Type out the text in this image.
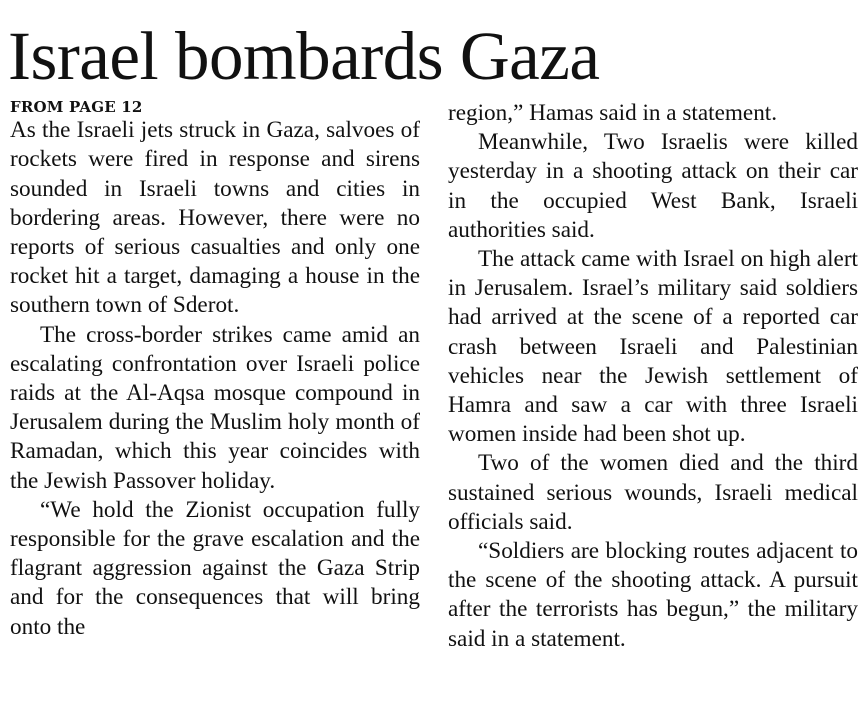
Israel bombards Gaza
FROM PAGE 12

As the Israeli jets struck in Gaza, salvoes of rockets were fired in response and sirens sounded in Israeli towns and cities in bordering areas. However, there were no reports of serious casualties and only one rocket hit a target, damaging a house in the southern town of Sderot.

The cross-border strikes came amid an escalating confrontation over Israeli police raids at the Al-Aqsa mosque compound in Jerusalem during the Muslim holy month of Ramadan, which this year coincides with the Jewish Passover holiday.

“We hold the Zionist occupation fully responsible for the grave escalation and the flagrant aggression against the Gaza Strip and for the consequences that will bring onto the

region,” Hamas said in a statement.

Meanwhile, Two Israelis were killed yesterday in a shooting attack on their car in the occupied West Bank, Israeli authorities said.

The attack came with Israel on high alert in Jerusalem. Israel’s military said soldiers had arrived at the scene of a reported car crash between Israeli and Palestinian vehicles near the Jewish settlement of Hamra and saw a car with three Israeli women inside had been shot up.

Two of the women died and the third sustained serious wounds, Israeli medical officials said.

“Soldiers are blocking routes adjacent to the scene of the shooting attack. A pursuit after the terrorists has begun,” the military said in a statement.
